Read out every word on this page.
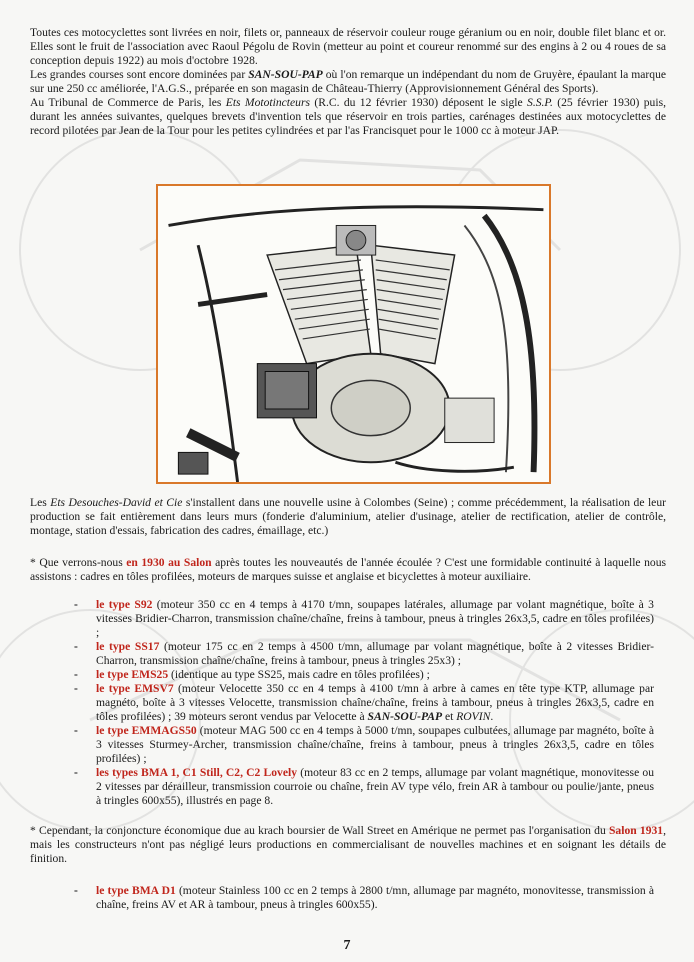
Toutes ces motocyclettes sont livrées en noir, filets or, panneaux de réservoir couleur rouge géranium ou en noir, double filet blanc et or. Elles sont le fruit de l'association avec Raoul Pégolu de Rovin (metteur au point et coureur renommé sur des engins à 2 ou 4 roues de sa conception depuis 1922) au mois d'octobre 1928.

Les grandes courses sont encore dominées par SAN-SOU-PAP où l'on remarque un indépendant du nom de Gruyère, épaulant la marque sur une 250 cc améliorée, l'A.G.S., préparée en son magasin de Château-Thierry (Approvisionnement Général des Sports).

Au Tribunal de Commerce de Paris, les Ets Mototincteurs (R.C. du 12 février 1930) déposent le sigle S.S.P. (25 février 1930) puis, durant les années suivantes, quelques brevets d'invention tels que réservoir en trois parties, carénages destinées aux motocyclettes de record pilotées par Jean de la Tour pour les petites cylindrées et par l'as Francisquet pour le 1000 cc à moteur JAP.

Les Ets Desouches-David et Cie s'installent dans une nouvelle usine à Colombes (Seine) ; comme précédemment, la réalisation de leur production se fait entièrement dans leurs murs (fonderie d'aluminium, atelier d'usinage, atelier de rectification, atelier de contrôle, montage, station d'essais, fabrication des cadres, émaillage, etc.)

* Que verrons-nous en 1930 au Salon après toutes les nouveautés de l'année écoulée ? C'est une formidable continuité à laquelle nous assistons : cadres en tôles profilées, moteurs de marques suisse et anglaise et bicyclettes à moteur auxiliaire.

- le type S92 (moteur 350 cc en 4 temps à 4170 t/mn, soupapes latérales, allumage par volant magnétique, boîte à 3 vitesses Bridier-Charron, transmission chaîne/chaîne, freins à tambour, pneus à tringles 26x3,5, cadre en tôles profilées) ;
- le type SS17 (moteur 175 cc en 2 temps à 4500 t/mn, allumage par volant magnétique, boîte à 2 vitesses Bridier-Charron, transmission chaîne/chaîne, freins à tambour, pneus à tringles 25x3) ;
- le type EMS25 (identique au type SS25, mais cadre en tôles profilées) ;
- le type EMSV7 (moteur Velocette 350 cc en 4 temps à 4100 t/mn à arbre à cames en tête type KTP, allumage par magnéto, boîte à 3 vitesses Velocette, transmission chaîne/chaîne, freins à tambour, pneus à tringles 26x3,5, cadre en tôles profilées) ; 39 moteurs seront vendus par Velocette à SAN-SOU-PAP et ROVIN.
- le type EMMAGS50 (moteur MAG 500 cc en 4 temps à 5000 t/mn, soupapes culbutées, allumage par magnéto, boîte à 3 vitesses Sturmey-Archer, transmission chaîne/chaîne, freins à tambour, pneus à tringles 26x3,5, cadre en tôles profilées) ;
- les types BMA 1, C1 Still, C2, C2 Lovely (moteur 83 cc en 2 temps, allumage par volant magnétique, monovitesse ou 2 vitesses par dérailleur, transmission courroie ou chaîne, frein AV type vélo, frein AR à tambour ou poulie/jante, pneus à tringles 600x55), illustrés en page 8.

* Cependant, la conjoncture économique due au krach boursier de Wall Street en Amérique ne permet pas l'organisation du Salon 1931, mais les constructeurs n'ont pas négligé leurs productions en commercialisant de nouvelles machines et en soignant les détails de finition.

- le type BMA D1 (moteur Stainless 100 cc en 2 temps à 2800 t/mn, allumage par magnéto, monovitesse, transmission à chaîne, freins AV et AR à tambour, pneus à tringles 600x55).
7
